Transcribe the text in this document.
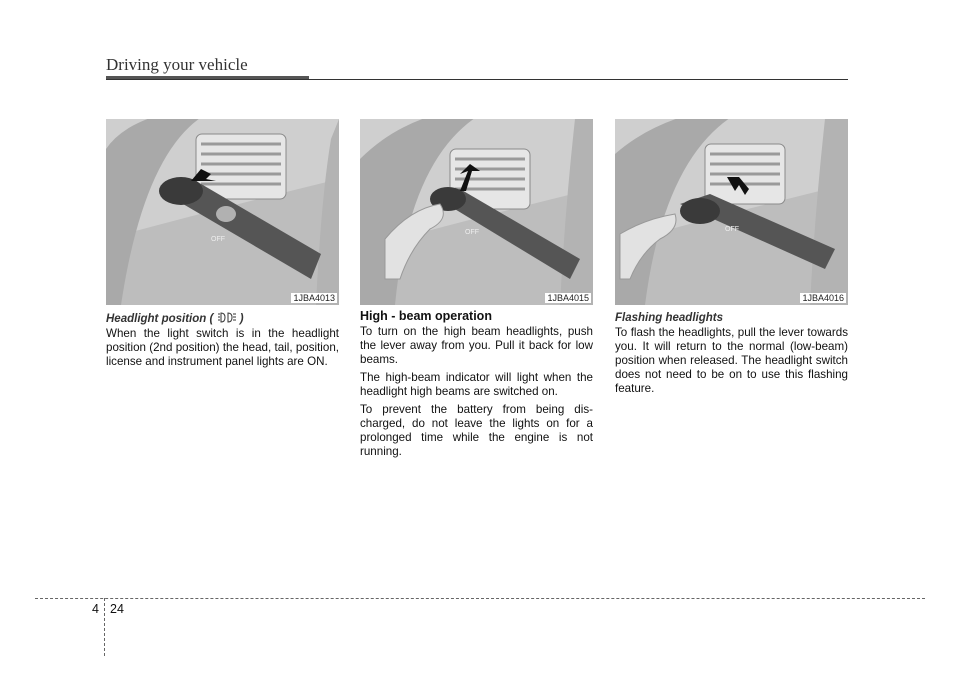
Driving your vehicle
OFF
1JBA4013
Headlight position ( )

When the light switch is in the headlight position (2nd position) the head, tail, position, license and instrument panel lights are ON.

OFF
1JBA4015
High - beam operation

To turn on the high beam headlights, push the lever away from you. Pull it back for low beams.

The high-beam indicator will light when the headlight high beams are switched on.

To prevent the battery from being dis-charged, do not leave the lights on for a prolonged time while the engine is not running.

OFF
1JBA4016
Flashing headlights

To flash the headlights, pull the lever towards you. It will return to the normal (low-beam) position when released. The headlight switch does not need to be on to use this flashing feature.

4 24
